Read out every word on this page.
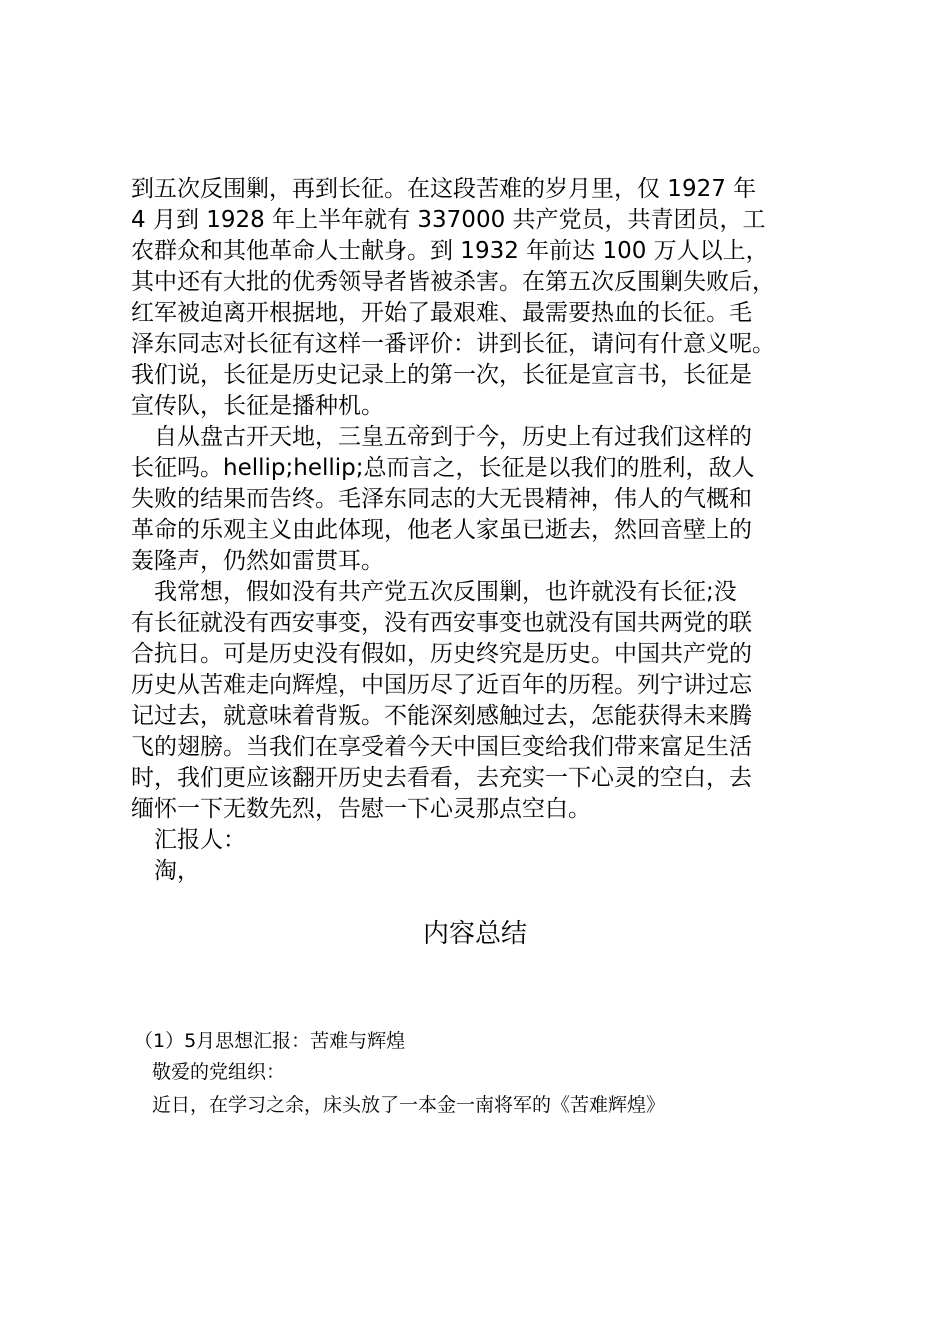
到五次反围剿，再到长征。在这段苦难的岁月里，仅 1927 年
4 月到 1928 年上半年就有 337000 共产党员，共青团员，工
农群众和其他革命人士献身。到 1932 年前达 100 万人以上，
其中还有大批的优秀领导者皆被杀害。在第五次反围剿失败后，
红军被迫离开根据地，开始了最艰难、最需要热血的长征。毛
泽东同志对长征有这样一番评价：讲到长征，请问有什意义呢。
我们说，长征是历史记录上的第一次，长征是宣言书，长征是
宣传队，长征是播种机。
　自从盘古开天地，三皇五帝到于今，历史上有过我们这样的
长征吗。hellip;hellip;总而言之，长征是以我们的胜利，敌人
失败的结果而告终。毛泽东同志的大无畏精神，伟人的气概和
革命的乐观主义由此体现，他老人家虽已逝去，然回音壁上的
轰隆声，仍然如雷贯耳。
　我常想，假如没有共产党五次反围剿，也许就没有长征;没
有长征就没有西安事变，没有西安事变也就没有国共两党的联
合抗日。可是历史没有假如，历史终究是历史。中国共产党的
历史从苦难走向辉煌，中国历尽了近百年的历程。列宁讲过忘
记过去，就意味着背叛。不能深刻感触过去，怎能获得未来腾
飞的翅膀。当我们在享受着今天中国巨变给我们带来富足生活
时，我们更应该翻开历史去看看，去充实一下心灵的空白，去
缅怀一下无数先烈，告慰一下心灵那点空白。
　汇报人：
　淘，
内容总结
（1）5月思想汇报：苦难与辉煌
敬爱的党组织：
近日，在学习之余，床头放了一本金一南将军的《苦难辉煌》
